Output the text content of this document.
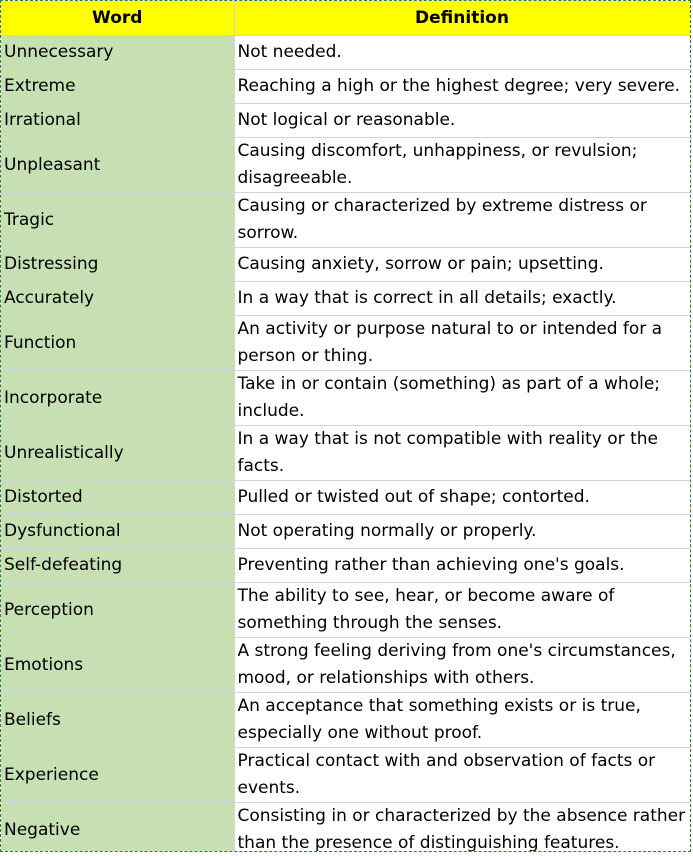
Word	Definition
Unnecessary	Not needed.
Extreme	Reaching a high or the highest degree; very severe.
Irrational	Not logical or reasonable.
Unpleasant	Causing discomfort, unhappiness, or revulsion; disagreeable.
Tragic	Causing or characterized by extreme distress or sorrow.
Distressing	Causing anxiety, sorrow or pain; upsetting.
Accurately	In a way that is correct in all details; exactly.
Function	An activity or purpose natural to or intended for a person or thing.
Incorporate	Take in or contain (something) as part of a whole; include.
Unrealistically	In a way that is not compatible with reality or the facts.
Distorted	Pulled or twisted out of shape; contorted.
Dysfunctional	Not operating normally or properly.
Self-defeating	Preventing rather than achieving one's goals.
Perception	The ability to see, hear, or become aware of something through the senses.
Emotions	A strong feeling deriving from one's circumstances, mood, or relationships with others.
Beliefs	An acceptance that something exists or is true, especially one without proof.
Experience	Practical contact with and observation of facts or events.
Negative	Consisting in or characterized by the absence rather than the presence of distinguishing features.
